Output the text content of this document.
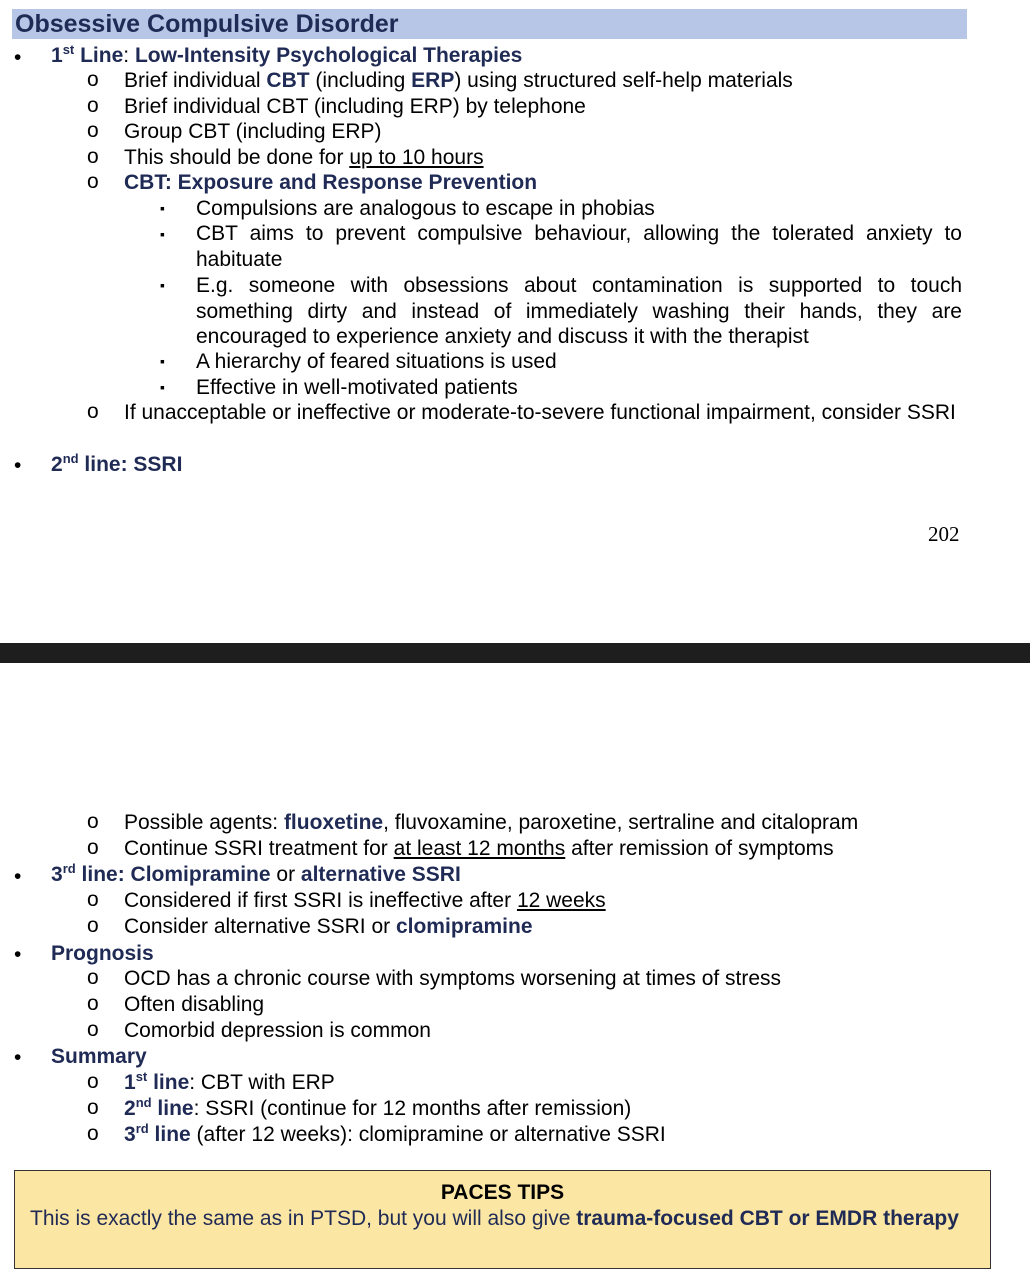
Obsessive Compulsive Disorder
• 1st Line: Low-Intensity Psychological Therapies
o Brief individual CBT (including ERP) using structured self-help materials
o Brief individual CBT (including ERP) by telephone
o Group CBT (including ERP)
o This should be done for up to 10 hours
o CBT: Exposure and Response Prevention
▪ Compulsions are analogous to escape in phobias
▪ CBT aims to prevent compulsive behaviour, allowing the tolerated anxiety to habituate
▪ E.g. someone with obsessions about contamination is supported to touch something dirty and instead of immediately washing their hands, they are encouraged to experience anxiety and discuss it with the therapist
▪ A hierarchy of feared situations is used
▪ Effective in well-motivated patients
o If unacceptable or ineffective or moderate-to-severe functional impairment, consider SSRI
• 2nd line: SSRI
202
o Possible agents: fluoxetine, fluvoxamine, paroxetine, sertraline and citalopram
o Continue SSRI treatment for at least 12 months after remission of symptoms
• 3rd line: Clomipramine or alternative SSRI
o Considered if first SSRI is ineffective after 12 weeks
o Consider alternative SSRI or clomipramine
• Prognosis
o OCD has a chronic course with symptoms worsening at times of stress
o Often disabling
o Comorbid depression is common
• Summary
o 1st line: CBT with ERP
o 2nd line: SSRI (continue for 12 months after remission)
o 3rd line (after 12 weeks): clomipramine or alternative SSRI
PACES TIPS
This is exactly the same as in PTSD, but you will also give trauma-focused CBT or EMDR therapy
